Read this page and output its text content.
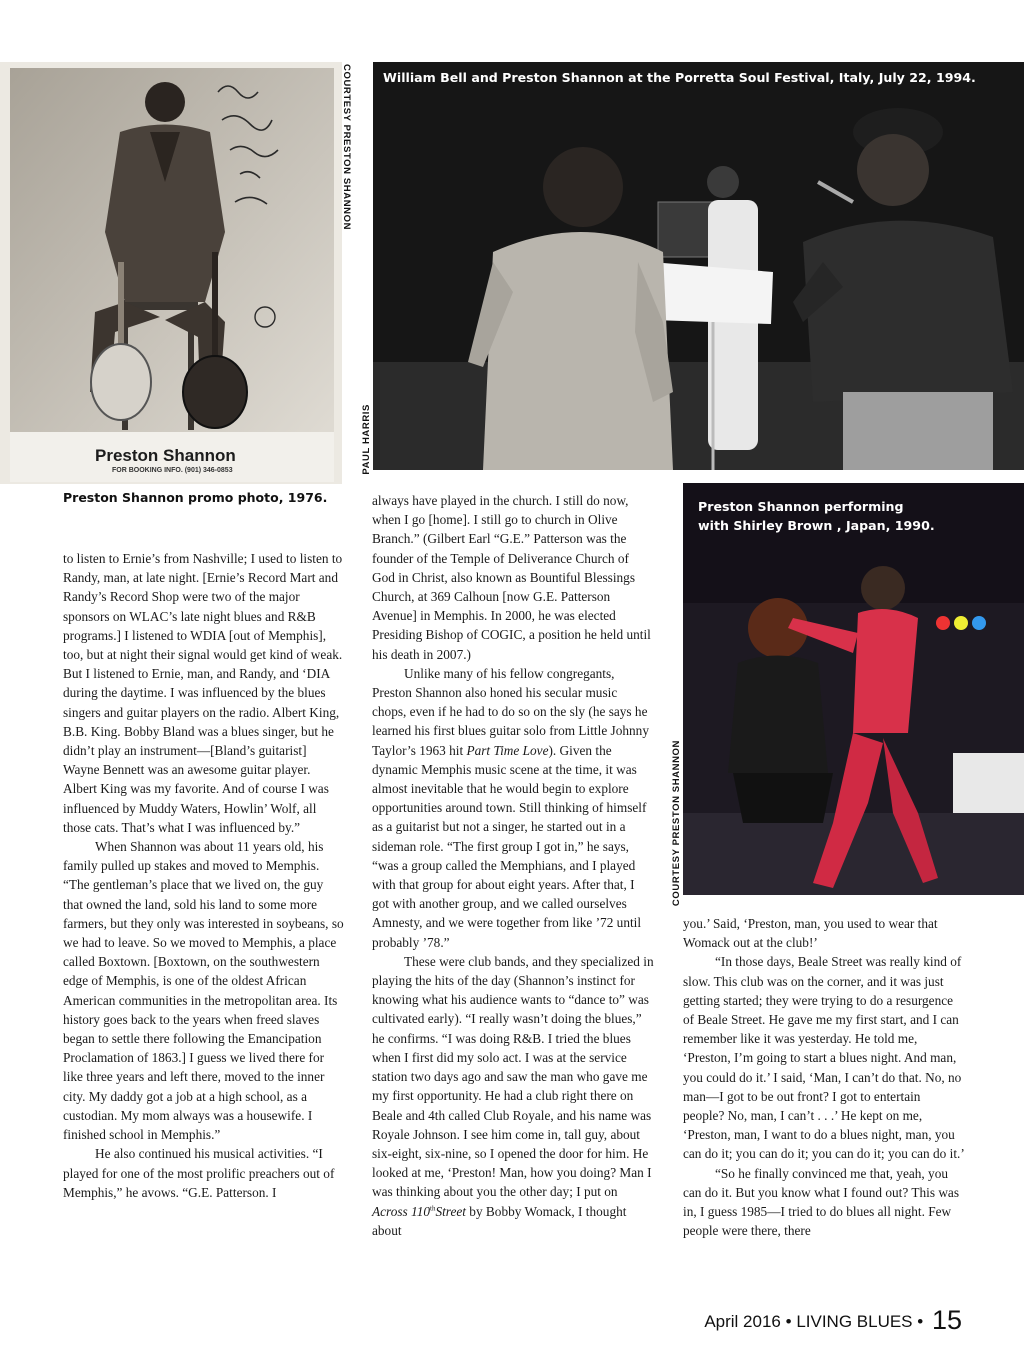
Preston Shannon
FOR BOOKING INFO. (901) 346-0853
COURTESY PRESTON SHANNON
Preston Shannon promo photo, 1976.
William Bell and Preston Shannon at the Porretta Soul Festival, Italy, July 22, 1994.
PAUL HARRIS
Preston Shannon performing
with Shirley Brown , Japan, 1990.
COURTESY PRESTON SHANNON

to listen to Ernie’s from Nashville; I used to listen to Randy, man, at late night. [Ernie’s Record Mart and Randy’s Record Shop were two of the major sponsors on WLAC’s late night blues and R&B programs.] I listened to WDIA [out of Memphis], too, but at night their signal would get kind of weak. But I listened to Ernie, man, and Randy, and ‘DIA during the daytime. I was influenced by the blues singers and guitar players on the radio. Albert King, B.B. King. Bobby Bland was a blues singer, but he didn’t play an instrument—[Bland’s guitarist] Wayne Bennett was an awesome guitar player. Albert King was my favorite. And of course I was influenced by Muddy Waters, Howlin’ Wolf, all those cats. That’s what I was influenced by.”

When Shannon was about 11 years old, his family pulled up stakes and moved to Memphis. “The gentleman’s place that we lived on, the guy that owned the land, sold his land to some more farmers, but they only was interested in soybeans, so we had to leave. So we moved to Memphis, a place called Boxtown. [Boxtown, on the southwestern edge of Memphis, is one of the oldest African American communities in the metropolitan area. Its history goes back to the years when freed slaves began to settle there following the Emancipation Proclamation of 1863.] I guess we lived there for like three years and left there, moved to the inner city. My daddy got a job at a high school, as a custodian. My mom always was a housewife. I finished school in Memphis.”

He also continued his musical activities. “I played for one of the most prolific preachers out of Memphis,” he avows. “G.E. Patterson. I

always have played in the church. I still do now, when I go [home]. I still go to church in Olive Branch.” (Gilbert Earl “G.E.” Patterson was the founder of the Temple of Deliverance Church of God in Christ, also known as Bountiful Blessings Church, at 369 Calhoun [now G.E. Patterson Avenue] in Memphis. In 2000, he was elected Presiding Bishop of COGIC, a position he held until his death in 2007.)

Unlike many of his fellow congregants, Preston Shannon also honed his secular music chops, even if he had to do so on the sly (he says he learned his first blues guitar solo from Little Johnny Taylor’s 1963 hit Part Time Love). Given the dynamic Memphis music scene at the time, it was almost inevitable that he would begin to explore opportunities around town. Still thinking of himself as a guitarist but not a singer, he started out in a sideman role. “The first group I got in,” he says, “was a group called the Memphians, and I played with that group for about eight years. After that, I got with another group, and we called ourselves Amnesty, and we were together from like ’72 until probably ’78.”

These were club bands, and they specialized in playing the hits of the day (Shannon’s instinct for knowing what his audience wants to “dance to” was cultivated early). “I really wasn’t doing the blues,” he confirms. “I was doing R&B. I tried the blues when I first did my solo act. I was at the service station two days ago and saw the man who gave me my first opportunity. He had a club right there on Beale and 4th called Club Royale, and his name was Royale Johnson. I see him come in, tall guy, about six-eight, six-nine, so I opened the door for him. He looked at me, ‘Preston! Man, how you doing? Man I was thinking about you the other day; I put on Across 110thStreet by Bobby Womack, I thought about

you.’ Said, ‘Preston, man, you used to wear that Womack out at the club!’

“In those days, Beale Street was really kind of slow. This club was on the corner, and it was just getting started; they were trying to do a resurgence of Beale Street. He gave me my first start, and I can remember like it was yesterday. He told me, ‘Preston, I’m going to start a blues night. And man, you could do it.’ I said, ‘Man, I can’t do that. No, no man—I got to be out front? I got to entertain people? No, man, I can’t . . .’ He kept on me, ‘Preston, man, I want to do a blues night, man, you can do it; you can do it; you can do it; you can do it.’

“So he finally convinced me that, yeah, you can do it. But you know what I found out? This was in, I guess 1985—I tried to do blues all night. Few people were there, there

April 2016 • LIVING BLUES • 15
